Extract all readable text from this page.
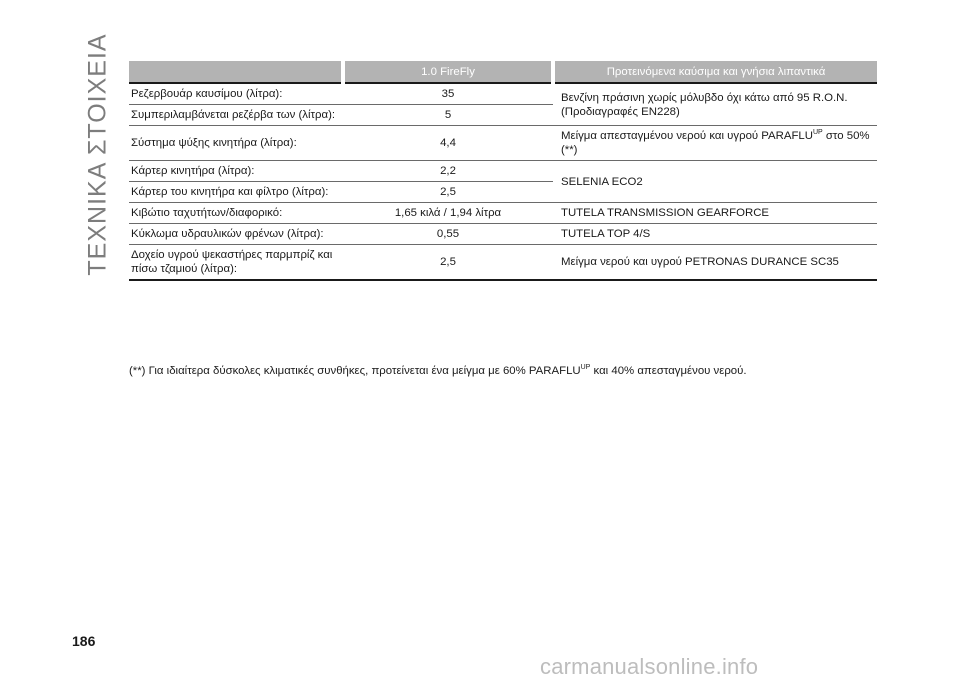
ΤΕΧΝΙΚΑ ΣΤΟΙΧΕΙΑ
		1.0 FireFly	Προτεινόμενα καύσιμα και γνήσια λιπαντικά
Ρεζερβουάρ καυσίμου (λίτρα):	35	Βενζίνη πράσινη χωρίς μόλυβδο όχι κάτω από 95 R.O.N. (Προδιαγραφές EN228)
Συμπεριλαμβάνεται ρεζέρβα των (λίτρα):	5	
Σύστημα ψύξης κινητήρα (λίτρα):	4,4	Μείγμα απεσταγμένου νερού και υγρού $PARAFLU^{UP}$ στο 50% (**)
Κάρτερ κινητήρα (λίτρα):	2,2	SELENIA ECO2
Κάρτερ του κινητήρα και φίλτρο (λίτρα):	2,5	
Κιβώτιο ταχυτήτων/διαφορικό:	1,65 κιλά / 1,94 λίτρα	TUTELA TRANSMISSION GEARFORCE
Κύκλωμα υδραυλικών φρένων (λίτρα):	0,55	TUTELA TOP 4/S
Δοχείο υγρού ψεκαστήρες παρμπρίζ και πίσω τζαμιού (λίτρα):	2,5	Μείγμα νερού και υγρού PETRONAS DURANCE SC35
(**) Για ιδιαίτερα δύσκολες κλιματικές συνθήκες, προτείνεται ένα μείγμα με 60% $PARAFLU^{UP}$ και 40% απεσταγμένου νερού.
186
carmanualsonline.info
